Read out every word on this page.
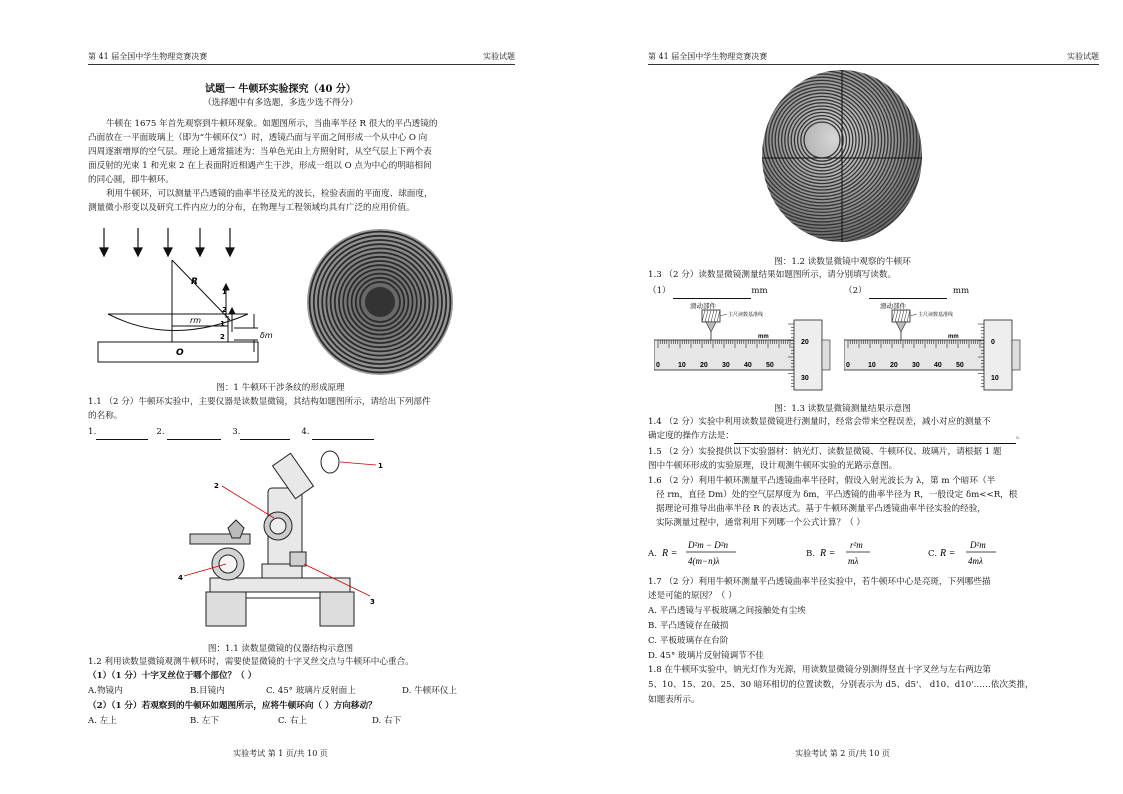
第 41 届全国中学生物理竞赛决赛	实验试题
试题一 牛顿环实验探究（40 分）
（选择题中有多选题，多选少选不得分）
牛顿在 1675 年首先观察到牛顿环现象。如题图所示，当曲率半径 R 很大的平凸透镜的
凸面放在一平面玻璃上（即为“牛顿环仪”）时，透镜凸面与平面之间形成一个从中心 O 向
四周逐渐增厚的空气层。理论上通常描述为：当单色光由上方照射时，从空气层上下两个表
面反射的光束 1 和光束 2 在上表面附近相遇产生干涉，形成一组以 O 点为中心的明暗相间
的同心圆，即牛顿环。
利用牛顿环，可以测量平凸透镜的曲率半径及光的波长，检验表面的平面度、球面度，
测量微小形变以及研究工件内应力的分布，在物理与工程领域均具有广泛的应用价值。
R
rm
O
δm
1
2
1
2
图：1 牛顿环干涉条纹的形成原理
1.1 （2 分）牛顿环实验中，主要仪器是读数显微镜，其结构如题图所示，请给出下列部件
的名称。
1.	2.	3.	4.
1
2
3
4
图：1.1 读数显微镜的仪器结构示意图
1.2 利用读数显微镜观测牛顿环时，需要使显微镜的十字叉丝交点与牛顿环中心重合。
（1）（1 分）十字叉丝位于哪个部位？（ ）
A.物镜内	B.目镜内	C. 45° 玻璃片反射面上	D. 牛顿环仪上
（2）（1 分）若观察到的牛顿环如题图所示，应将牛顿环向（ ）方向移动？
A. 左上	B. 左下	C. 右上	D. 右下
实验考试 第 1 页/共 10 页
第 41 届全国中学生物理竞赛决赛	实验试题
图：1.2 读数显微镜中观察的牛顿环
1.3 （2 分）读数显微镜测量结果如题图所示，请分别填写读数。
（1）	mm	（2）	mm
0	10 20 30 40 50
滑动部件
主尺读数基准线
mm
20
30
0	10 20 30 40 50
滑动部件
主尺读数基准线
mm
0
10
图：1.3 读数显微镜测量结果示意图
1.4 （2 分）实验中利用读数显微镜进行测量时，经常会带来空程误差，减小对应的测量不
确定度的操作方法是：	。
1.5 （2 分）实验提供以下实验器材：钠光灯、读数显微镜、牛顿环仪、玻璃片，请根据 1 题
图中牛顿环形成的实验原理，设计观测牛顿环实验的光路示意图。
1.6 （2 分）利用牛顿环测量平凸透镜曲率半径时，假设入射光波长为 λ，第 m 个暗环（半
径 rm，直径 Dm）处的空气层厚度为 δm，平凸透镜的曲率半径为 R，一般设定 δm<<R，根
据理论可推导出曲率半径 R 的表达式。基于牛顿环测量平凸透镜曲率半径实验的经验，
实际测量过程中，通常利用下列哪一个公式计算？（ ）
A. R =
D²m − D²n
4(m−n)λ
B. R =
r²m
mλ
C. R =
D²m
4mλ
1.7 （2 分）利用牛顿环测量平凸透镜曲率半径实验中，若牛顿环中心是亮斑，下列哪些描
述是可能的原因？（ ）
A. 平凸透镜与平板玻璃之间接触处有尘埃
B. 平凸透镜存在破损
C. 平板玻璃存在台阶
D. 45° 玻璃片反射镜调节不佳
1.8 在牛顿环实验中，钠光灯作为光源，用读数显微镜分别测得竖直十字叉丝与左右两边第
5、10、15、20、25、30 暗环相切的位置读数，分别表示为 d5、d5'、 d10、d10'……依次类推，
如题表所示。
实验考试 第 2 页/共 10 页
